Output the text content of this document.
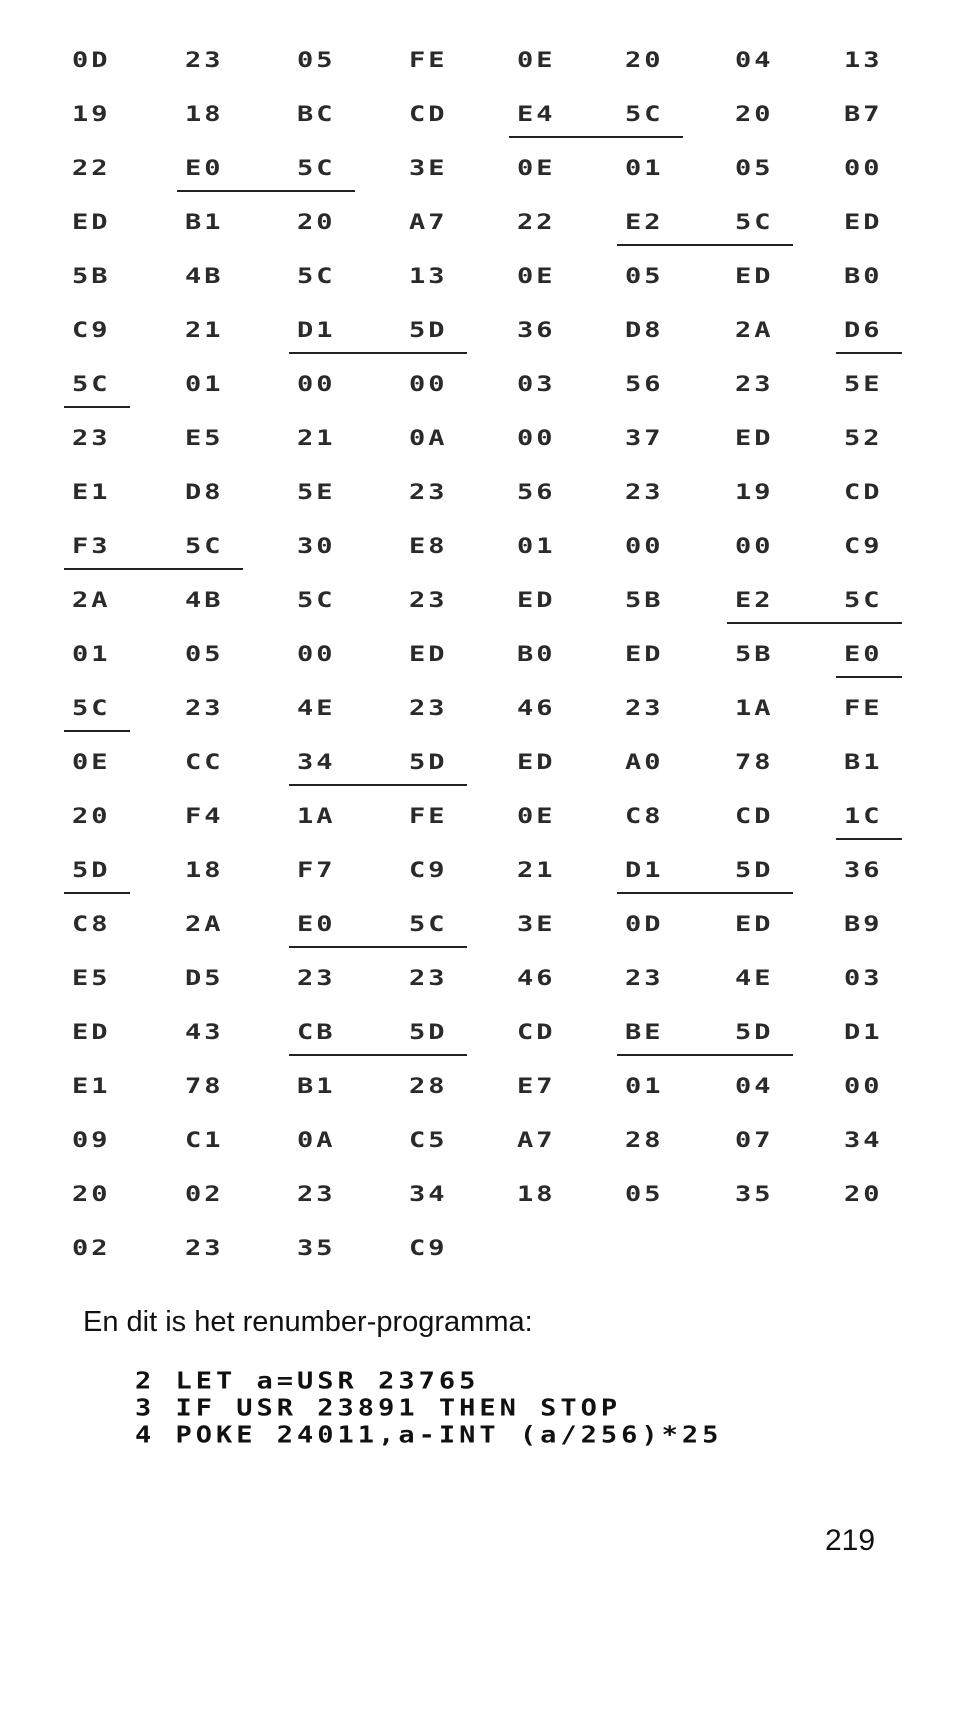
0D	23	05	FE	0E	20	04	13
19	18	BC	CD	E4	5C	20	B7
22	E0	5C	3E	0E	01	05	00
ED	B1	20	A7	22	E2	5C	ED
5B	4B	5C	13	0E	05	ED	B0
C9	21	D1	5D	36	D8	2A	D6
5C	01	00	00	03	56	23	5E
23	E5	21	0A	00	37	ED	52
E1	D8	5E	23	56	23	19	CD
F3	5C	30	E8	01	00	00	C9
2A	4B	5C	23	ED	5B	E2	5C
01	05	00	ED	B0	ED	5B	E0
5C	23	4E	23	46	23	1A	FE
0E	CC	34	5D	ED	A0	78	B1
20	F4	1A	FE	0E	C8	CD	1C
5D	18	F7	C9	21	D1	5D	36
C8	2A	E0	5C	3E	0D	ED	B9
E5	D5	23	23	46	23	4E	03
ED	43	CB	5D	CD	BE	5D	D1
E1	78	B1	28	E7	01	04	00
09	C1	0A	C5	A7	28	07	34
20	02	23	34	18	05	35	20
02	23	35	C9
En dit is het renumber-programma:
2 LET a=USR 23765
3 IF USR 23891 THEN STOP
4 POKE 24011,a-INT (a/256)*25
219
